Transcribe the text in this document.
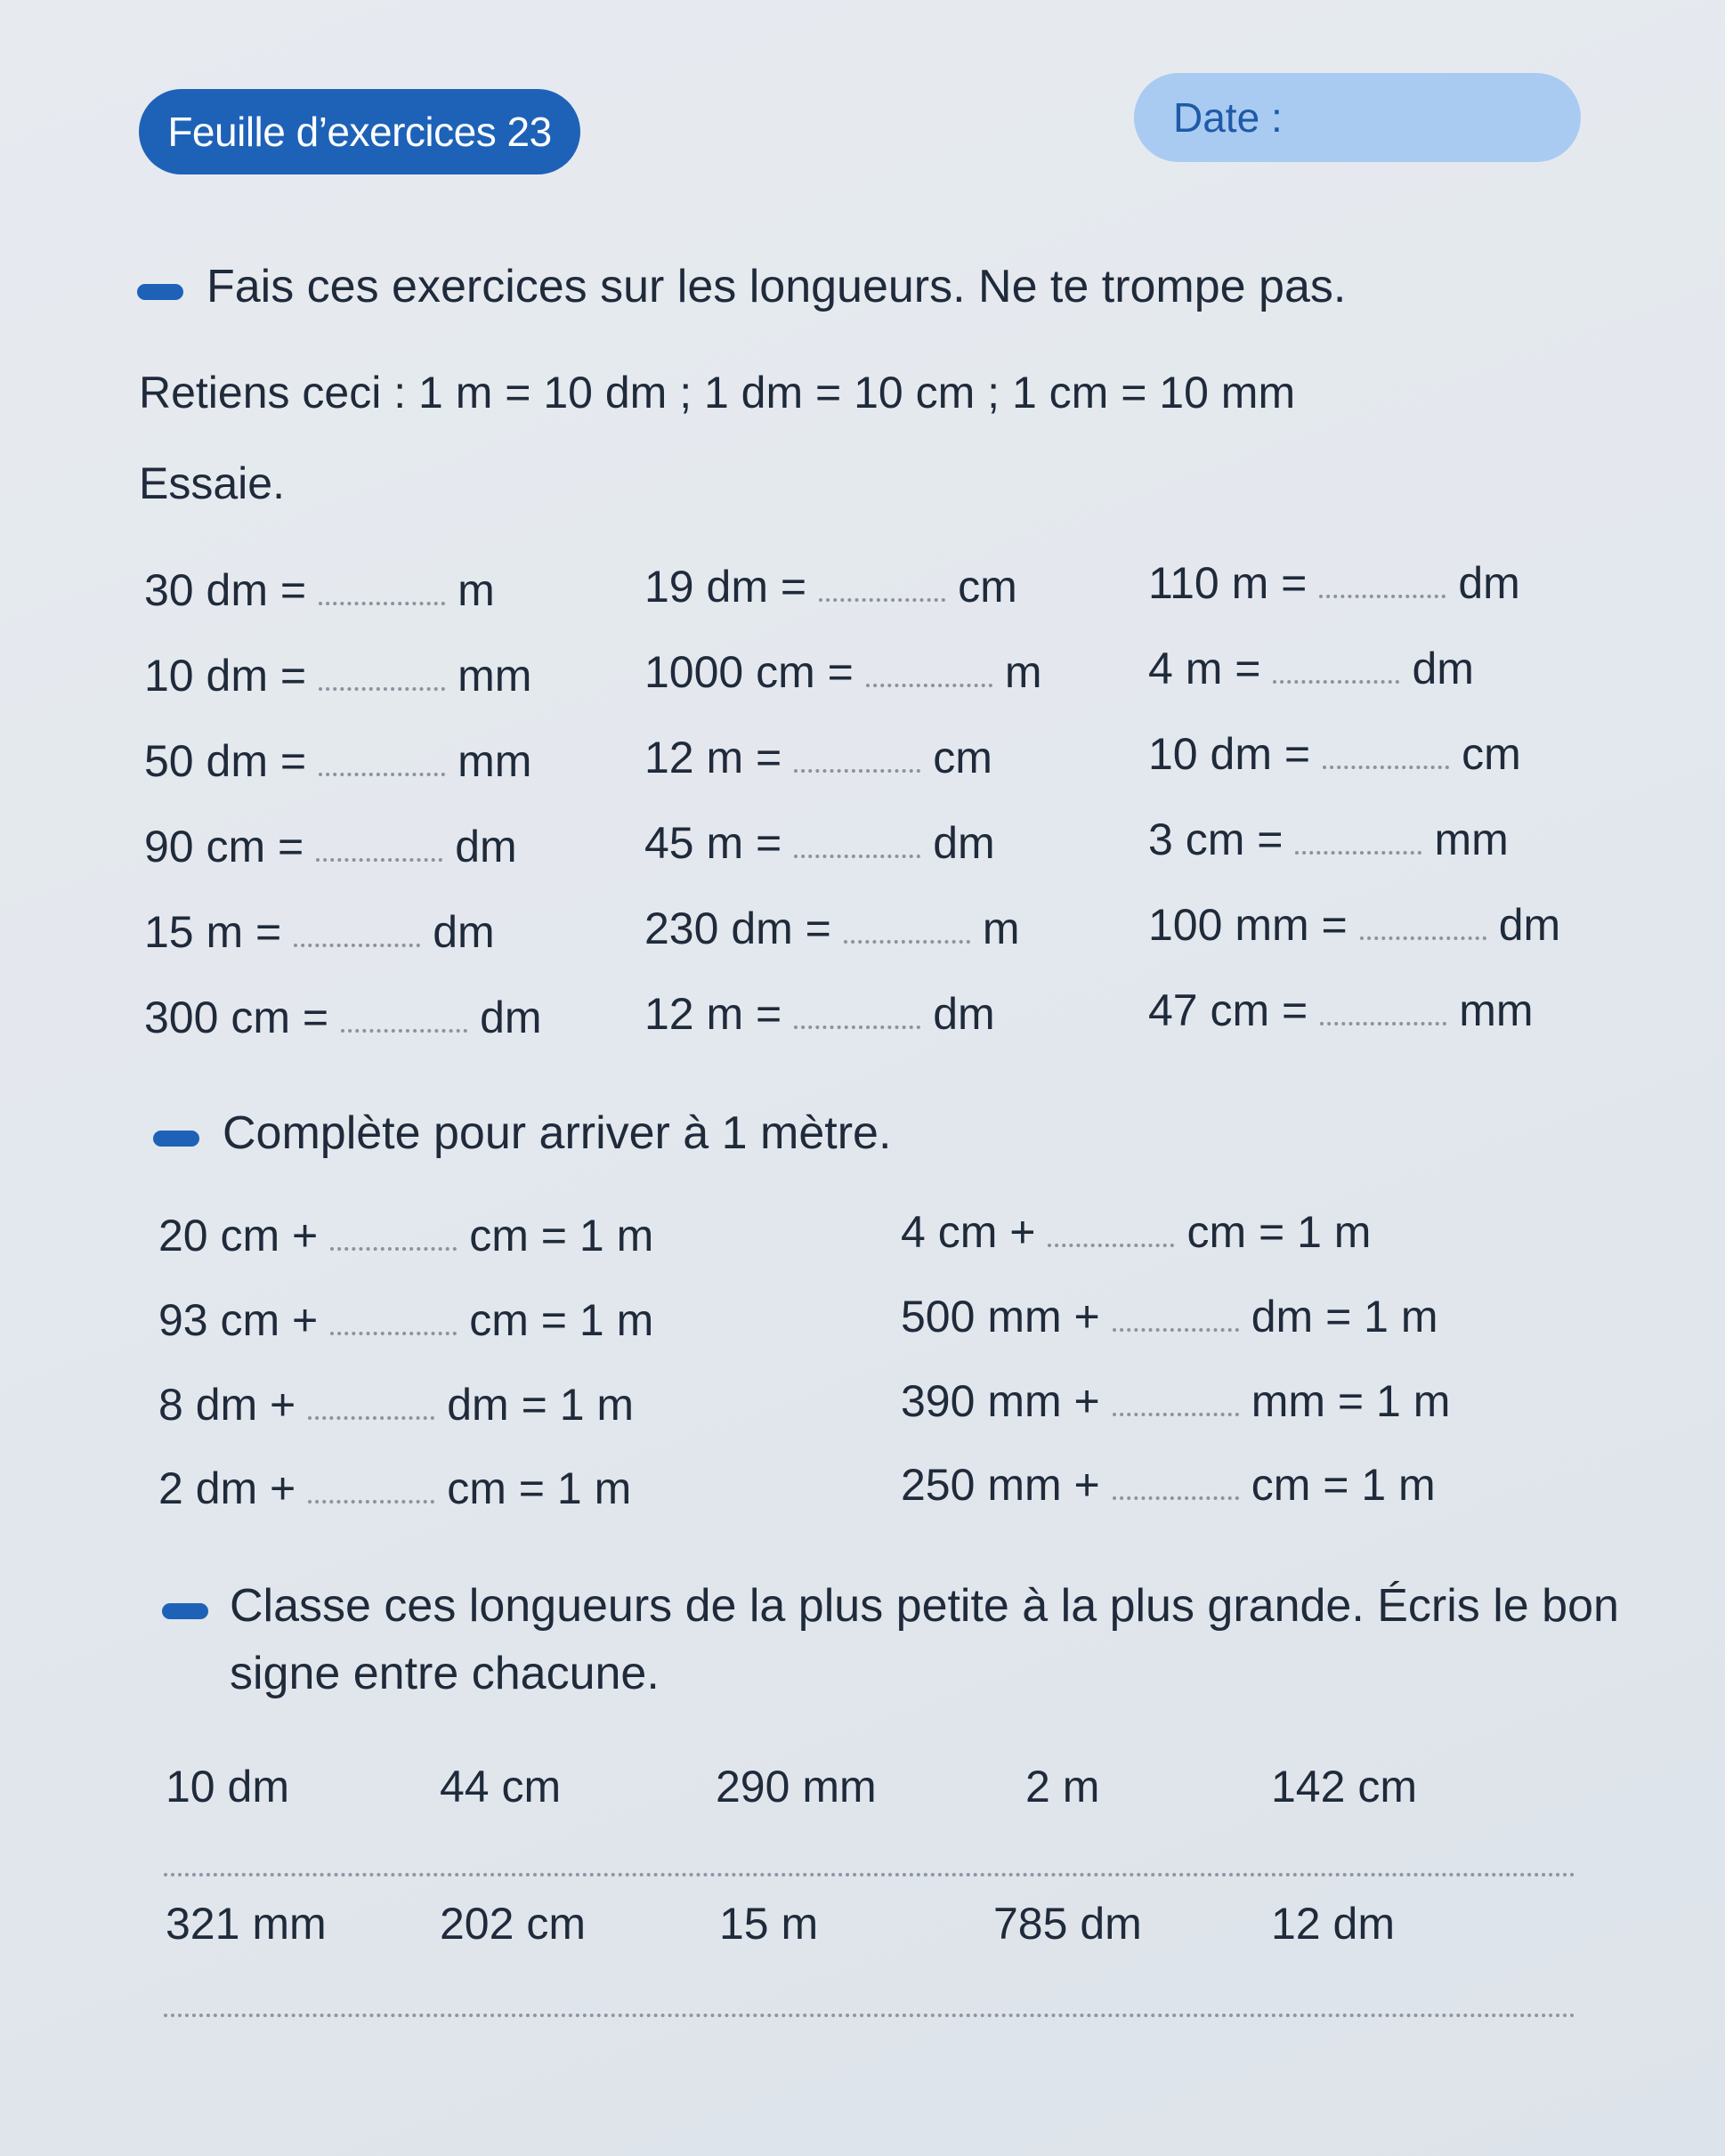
Feuille d’exercices 23	Date :
Fais ces exercices sur les longueurs. Ne te trompe pas.
Retiens ceci : 1 m = 10 dm ; 1 dm = 10 cm ; 1 cm = 10 mm
Essaie.
30 dm =	m	19 dm =	cm	110 m =	dm
10 dm =	mm	1000 cm =	m 4 m =	dm
50 dm =	mm	12 m =	cm	10 dm =	cm
90 cm =	dm	45 m =	dm	3 cm =	mm
15 m =	dm	230 dm =	m	100 mm =	dm
300 cm =	dm 12 m =	dm	47 cm =	mm
Complète pour arriver à 1 mètre.
20 cm +	cm = 1 m	4 cm +	cm = 1 m
93 cm +	cm = 1 m	500 mm +	dm = 1 m
8 dm +	dm = 1 m	390 mm +	mm = 1 m
2 dm +	cm = 1 m	250 mm +	cm = 1 m
Classe ces longueurs de la plus petite à la plus grande. Écris le bon
signe entre chacune.
10 dm	44 cm	290 mm	2 m	142 cm
321 mm	202 cm	15 m	785 dm	12 dm
